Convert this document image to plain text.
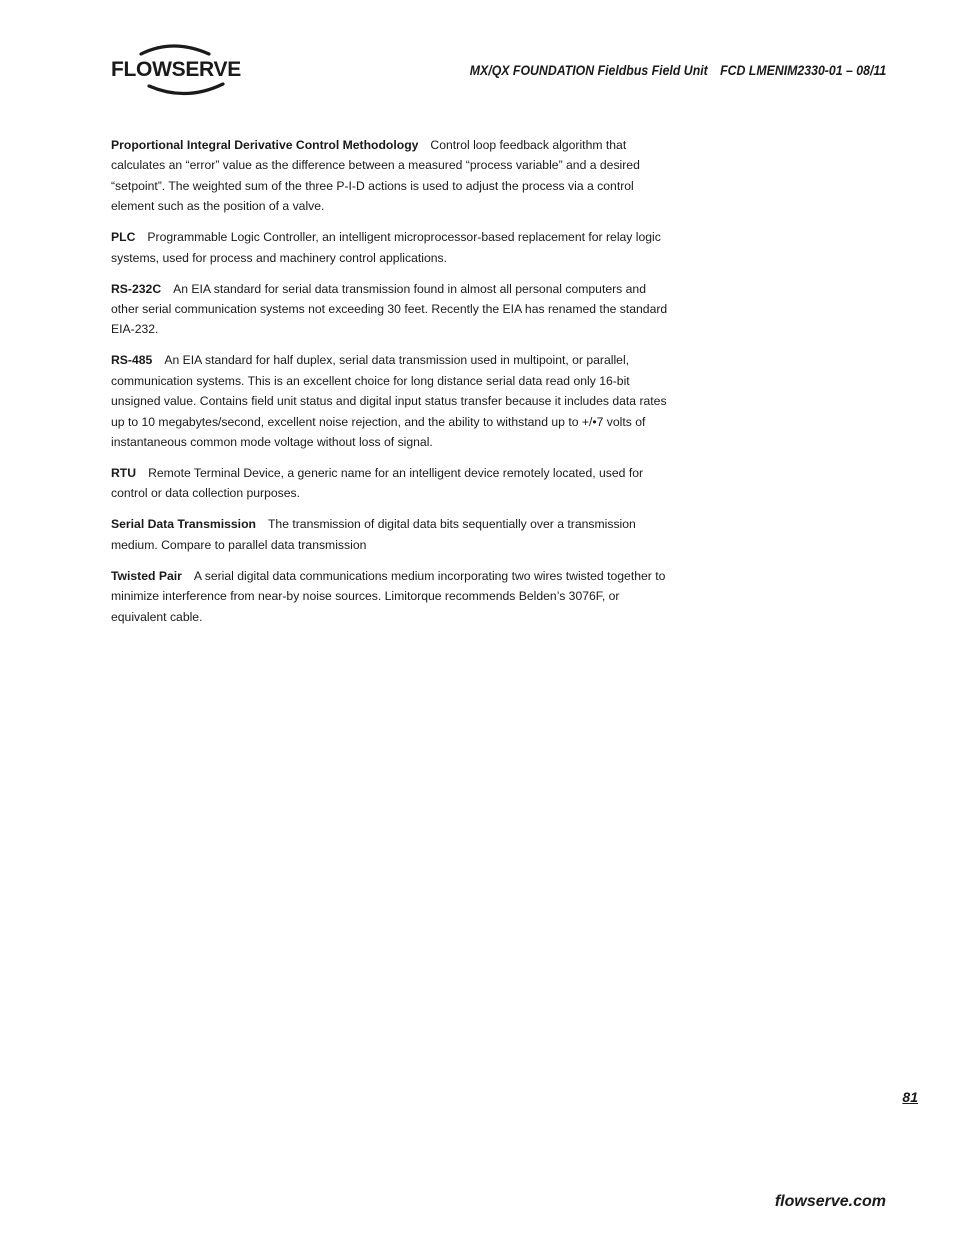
FLOWSERVE	MX/QX FOUNDATION Fieldbus Field Unit FCD LMENIM2330-01 – 08/11

Proportional Integral Derivative Control Methodology Control loop feedback algorithm that calculates an “error” value as the difference between a measured “process variable” and a desired “setpoint”. The weighted sum of the three P-I-D actions is used to adjust the process via a control element such as the position of a valve.

PLC Programmable Logic Controller, an intelligent microprocessor-based replacement for relay logic systems, used for process and machinery control applications.

RS-232C An EIA standard for serial data transmission found in almost all personal computers and other serial communication systems not exceeding 30 feet. Recently the EIA has renamed the standard EIA-232.

RS-485 An EIA standard for half duplex, serial data transmission used in multipoint, or parallel, communication systems. This is an excellent choice for long distance serial data read only 16-bit unsigned value. Contains field unit status and digital input status transfer because it includes data rates up to 10 megabytes/second, excellent noise rejection, and the ability to withstand up to +/•7 volts of instantaneous common mode voltage without loss of signal.

RTU Remote Terminal Device, a generic name for an intelligent device remotely located, used for control or data collection purposes.

Serial Data Transmission The transmission of digital data bits sequentially over a transmission medium. Compare to parallel data transmission

Twisted Pair A serial digital data communications medium incorporating two wires twisted together to minimize interference from near-by noise sources. Limitorque recommends Belden’s 3076F, or equivalent cable.

81
flowserve.com
